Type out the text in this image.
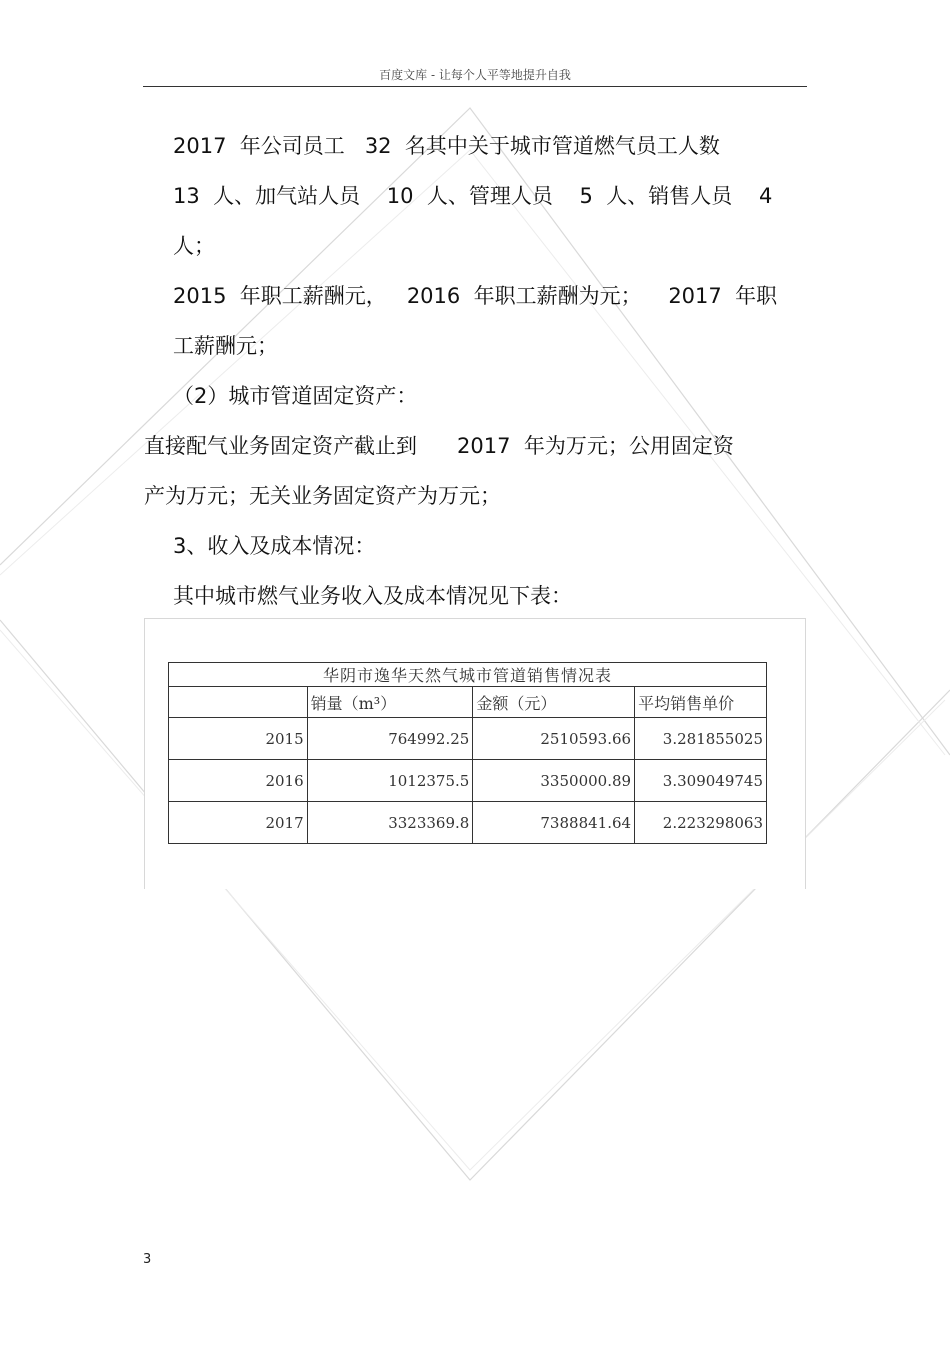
百度文库 - 让每个人平等地提升自我
2017  年公司员工   32  名其中关于城市管道燃气员工人数
13  人、加气站人员    10  人、管理人员    5  人、销售人员    4
人；
2015  年职工薪酬元，   2016  年职工薪酬为元；    2017  年职
工薪酬元；
（2）城市管道固定资产：
直接配气业务固定资产截止到      2017  年为万元；公用固定资
产为万元；无关业务固定资产为万元；
3、收入及成本情况：
其中城市燃气业务收入及成本情况见下表：
华阴市逸华天然气城市管道销售情况表			
	销量（m³）	金额（元）	平均销售单价
2015	764992.25	2510593.66	3.281855025
2016	1012375.5	3350000.89	3.309049745
2017	3323369.8	7388841.64	2.223298063
3
